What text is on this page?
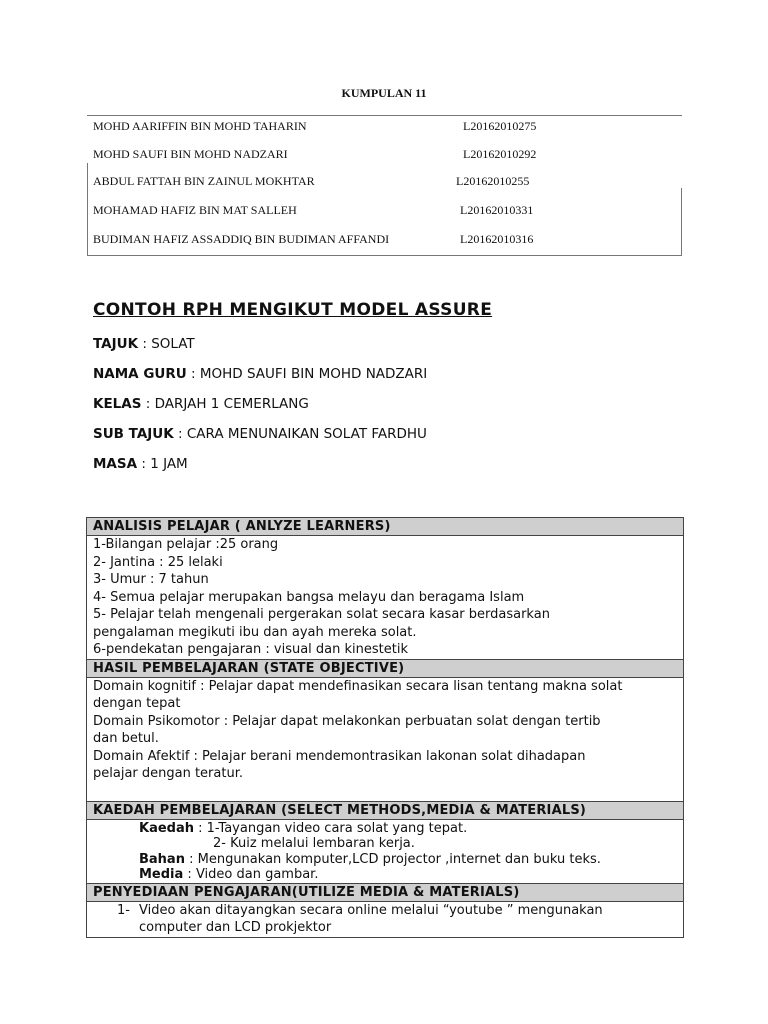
KUMPULAN 11
MOHD AARIFFIN BIN MOHD TAHARIN	L20162010275
MOHD SAUFI BIN MOHD NADZARI	L20162010292
ABDUL FATTAH BIN ZAINUL MOKHTAR	L20162010255
MOHAMAD HAFIZ BIN MAT SALLEH	L20162010331
BUDIMAN HAFIZ ASSADDIQ BIN BUDIMAN AFFANDI	L20162010316
CONTOH RPH MENGIKUT MODEL ASSURE
TAJUK : SOLAT
NAMA GURU : MOHD SAUFI BIN MOHD NADZARI
KELAS : DARJAH 1 CEMERLANG
SUB TAJUK : CARA MENUNAIKAN SOLAT FARDHU
MASA : 1 JAM
ANALISIS PELAJAR ( ANLYZE LEARNERS)

1-Bilangan pelajar :25 orang

2- Jantina : 25 lelaki

3- Umur : 7 tahun

4- Semua pelajar merupakan bangsa melayu dan beragama Islam

5- Pelajar telah mengenali pergerakan solat secara kasar berdasarkan

pengalaman megikuti ibu dan ayah mereka solat.

6-pendekatan pengajaran : visual dan kinestetik

HASIL PEMBELAJARAN (STATE OBJECTIVE)

Domain kognitif : Pelajar dapat mendefinasikan secara lisan tentang makna solat

dengan tepat

Domain Psikomotor : Pelajar dapat melakonkan perbuatan solat dengan tertib

dan betul.

Domain Afektif : Pelajar berani mendemontrasikan lakonan solat dihadapan

pelajar dengan teratur.

KAEDAH PEMBELAJARAN (SELECT METHODS,MEDIA & MATERIALS)

Kaedah : 1-Tayangan video cara solat yang tepat.

2- Kuiz melalui lembaran kerja.

Bahan : Mengunakan komputer,LCD projector ,internet dan buku teks.

Media : Video dan gambar.

PENYEDIAAN PENGAJARAN(UTILIZE MEDIA & MATERIALS)
1- Video akan ditayangkan secara online melalui “youtube ” mengunakan
computer dan LCD prokjektor
